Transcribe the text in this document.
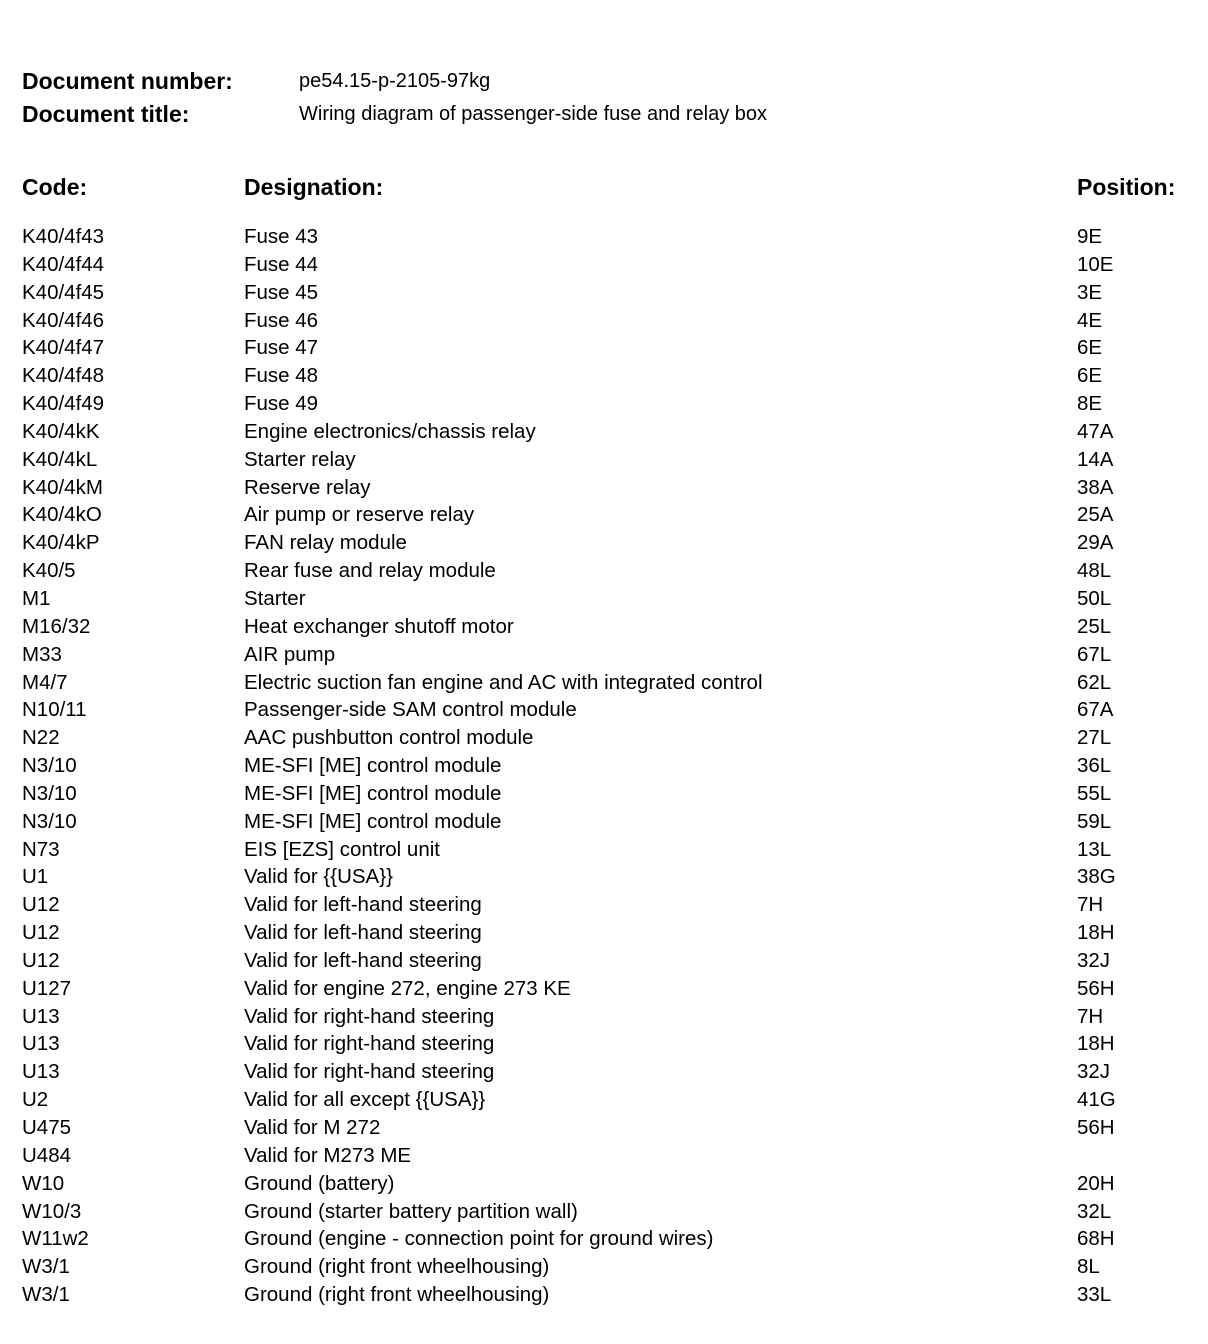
Document number:	pe54.15-p-2105-97kg
Document title:	Wiring diagram of passenger-side fuse and relay box
Code:	Designation:	Position:
K40/4f43	Fuse 43	9E
K40/4f44	Fuse 44	10E
K40/4f45	Fuse 45	3E
K40/4f46	Fuse 46	4E
K40/4f47	Fuse 47	6E
K40/4f48	Fuse 48	6E
K40/4f49	Fuse 49	8E
K40/4kK	Engine electronics/chassis relay	47A
K40/4kL	Starter relay	14A
K40/4kM	Reserve relay	38A
K40/4kO	Air pump or reserve relay	25A
K40/4kP	FAN relay module	29A
K40/5	Rear fuse and relay module	48L
M1	Starter	50L
M16/32	Heat exchanger shutoff motor	25L
M33	AIR pump	67L
M4/7	Electric suction fan engine and AC with integrated control	62L
N10/11	Passenger-side SAM control module	67A
N22	AAC pushbutton control module	27L
N3/10	ME-SFI [ME] control module	36L
N3/10	ME-SFI [ME] control module	55L
N3/10	ME-SFI [ME] control module	59L
N73	EIS [EZS] control unit	13L
U1	Valid for {{USA}}	38G
U12	Valid for left-hand steering	7H
U12	Valid for left-hand steering	18H
U12	Valid for left-hand steering	32J
U127	Valid for engine 272, engine 273 KE	56H
U13	Valid for right-hand steering	7H
U13	Valid for right-hand steering	18H
U13	Valid for right-hand steering	32J
U2	Valid for all except {{USA}}	41G
U475	Valid for M 272	56H
U484	Valid for M273 ME
W10	Ground (battery)	20H
W10/3	Ground (starter battery partition wall)	32L
W11w2	Ground (engine - connection point for ground wires)	68H
W3/1	Ground (right front wheelhousing)	8L
W3/1	Ground (right front wheelhousing)	33L
